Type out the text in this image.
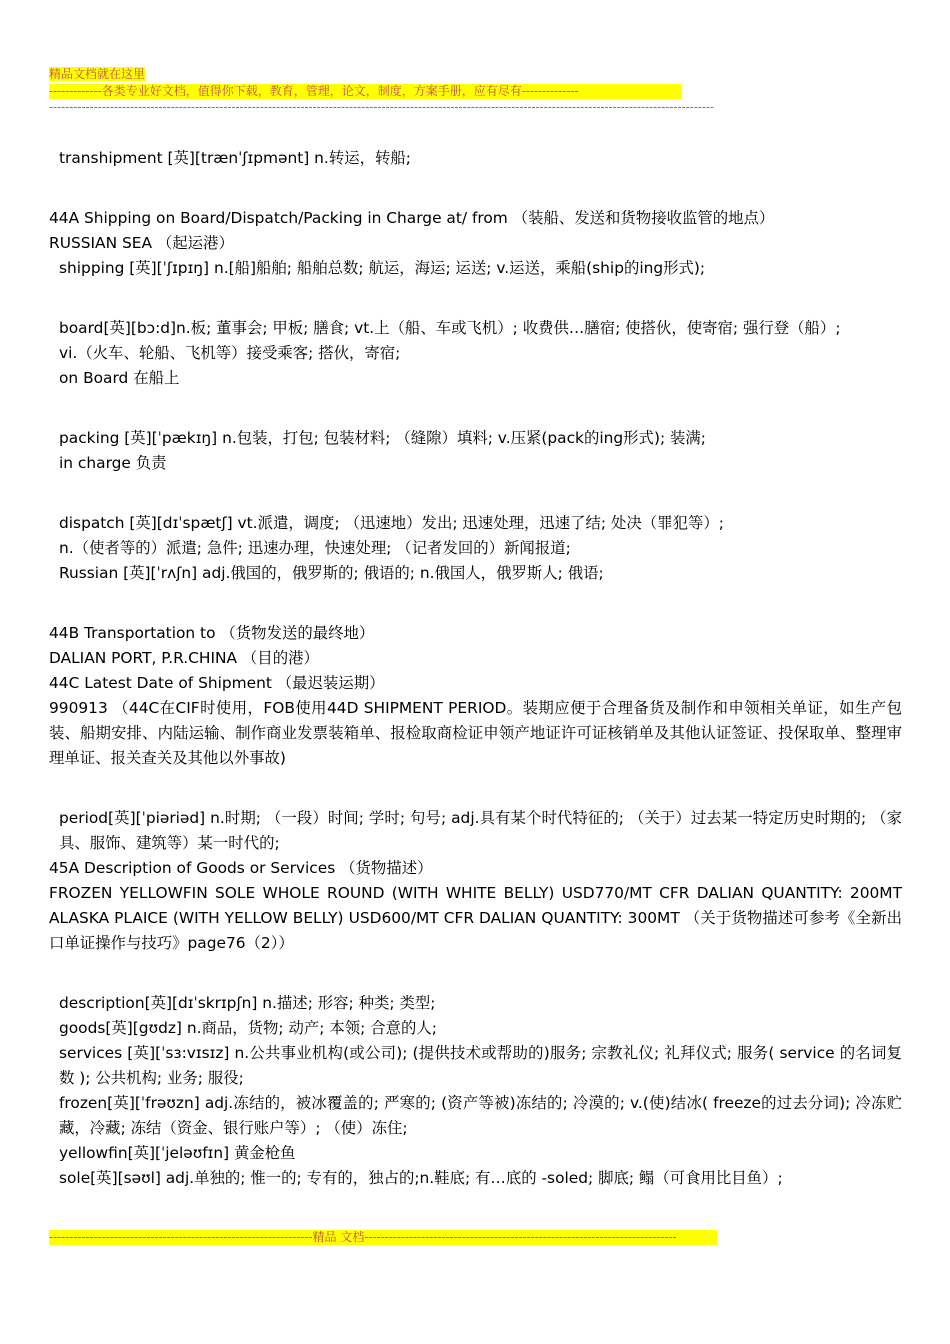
精品文档就在这里
-------------各类专业好文档，值得你下载，教育，管理，论文，制度，方案手册，应有尽有--------------
--------------------------------------------------------------------------------------------------------------------------------------------------------------------

transhipment [英][trænˈʃɪpmənt] n.转运，转船;

44A Shipping on Board/Dispatch/Packing in Charge at/ from （装船、发送和货物接收监管的地点）

RUSSIAN SEA （起运港）

shipping [英][ˈʃɪpɪŋ] n.[船]船舶; 船舶总数; 航运，海运; 运送; v.运送，乘船(ship的ing形式);

board[英][bɔ:d]n.板; 董事会; 甲板; 膳食; vt.上（船、车或飞机）; 收费供…膳宿; 使搭伙，使寄宿; 强行登（船）;

vi.（火车、轮船、飞机等）接受乘客; 搭伙，寄宿;

on Board 在船上

packing [英][ˈpækɪŋ] n.包装，打包; 包装材料; （缝隙）填料; v.压紧(pack的ing形式); 装满;

in charge 负责

dispatch [英][dɪˈspætʃ] vt.派遣，调度; （迅速地）发出; 迅速处理，迅速了结; 处决（罪犯等）;

n.（使者等的）派遣; 急件; 迅速办理，快速处理; （记者发回的）新闻报道;

Russian [英][ˈrʌʃn] adj.俄国的，俄罗斯的; 俄语的; n.俄国人，俄罗斯人; 俄语;

44B Transportation to （货物发送的最终地）

DALIAN PORT, P.R.CHINA （目的港）

44C Latest Date of Shipment （最迟装运期）

990913 （44C在CIF时使用，FOB使用44D SHIPMENT PERIOD。装期应便于合理备货及制作和申领相关单证，如生产包装、船期安排、内陆运输、制作商业发票装箱单、报检取商检证申领产地证许可证核销单及其他认证签证、投保取单、整理审理单证、报关查关及其他以外事故)

period[英][ˈpiəriəd] n.时期; （一段）时间; 学时; 句号; adj.具有某个时代特征的; （关于）过去某一特定历史时期的; （家具、服饰、建筑等）某一时代的;

45A Description of Goods or Services （货物描述）

FROZEN YELLOWFIN SOLE WHOLE ROUND (WITH WHITE BELLY) USD770/MT CFR DALIAN QUANTITY: 200MT ALASKA PLAICE (WITH YELLOW BELLY) USD600/MT CFR DALIAN QUANTITY: 300MT （关于货物描述可参考《全新出口单证操作与技巧》page76（2））

description[英][dɪˈskrɪpʃn] n.描述; 形容; 种类; 类型;

goods[英][gʊdz] n.商品，货物; 动产; 本领; 合意的人;

services [英][ˈsɜ:vɪsɪz] n.公共事业机构(或公司); (提供技术或帮助的)服务; 宗教礼仪; 礼拜仪式; 服务( service 的名词复数 ); 公共机构; 业务; 服役;

frozen[英][ˈfrəʊzn] adj.冻结的，被冰覆盖的; 严寒的; (资产等被)冻结的; 冷漠的; v.(使)结冰( freeze的过去分词); 冷冻贮藏，冷藏; 冻结（资金、银行账户等）; （使）冻住;

yellowfin[英][ˈjeləʊfɪn] 黄金枪鱼

sole[英][səʊl] adj.单独的; 惟一的; 专有的，独占的;n.鞋底; 有…底的 -soled; 脚底; 鳎（可食用比目鱼）;

-----------------------------------------------------------------精品 文档-----------------------------------------------------------------------------
